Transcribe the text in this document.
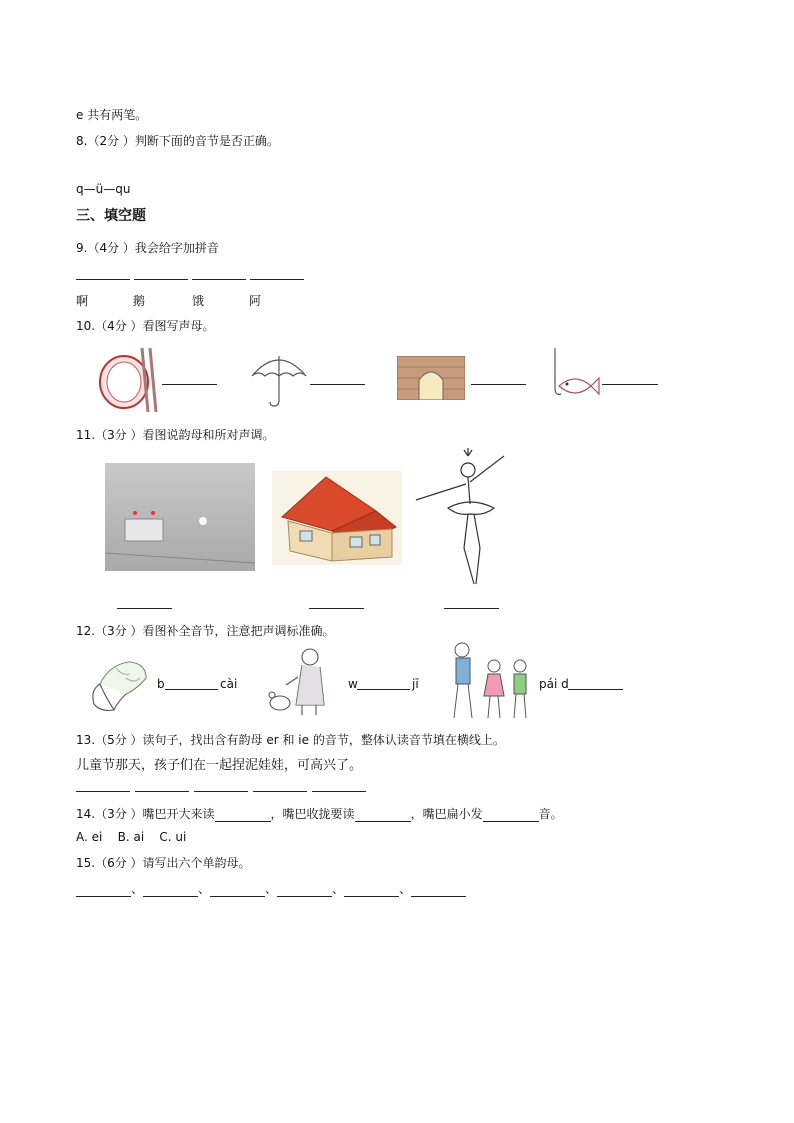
e 共有两笔。
8.（2分 ）判断下面的音节是否正确。
q—ü—qu
三、填空题
9.（4分 ）我会给字加拼音
啊	鹅	饿	阿
10.（4分 ）看图写声母。
11.（3分 ）看图说韵母和所对声调。
12.（3分 ）看图补全音节，注意把声调标准确。
b	cài	w	jī	pái d
13.（5分 ）读句子，找出含有韵母 er 和 ie 的音节，整体认读音节填在横线上。
儿童节那天，孩子们在一起捏泥娃娃，可高兴了。
14.（3分 ）嘴巴开大来读	，嘴巴收拢要读	，嘴巴扁小发	音。
A. ei    B. ai    C. ui
15.（6分 ）请写出六个单韵母。
、	、	、	、	、
